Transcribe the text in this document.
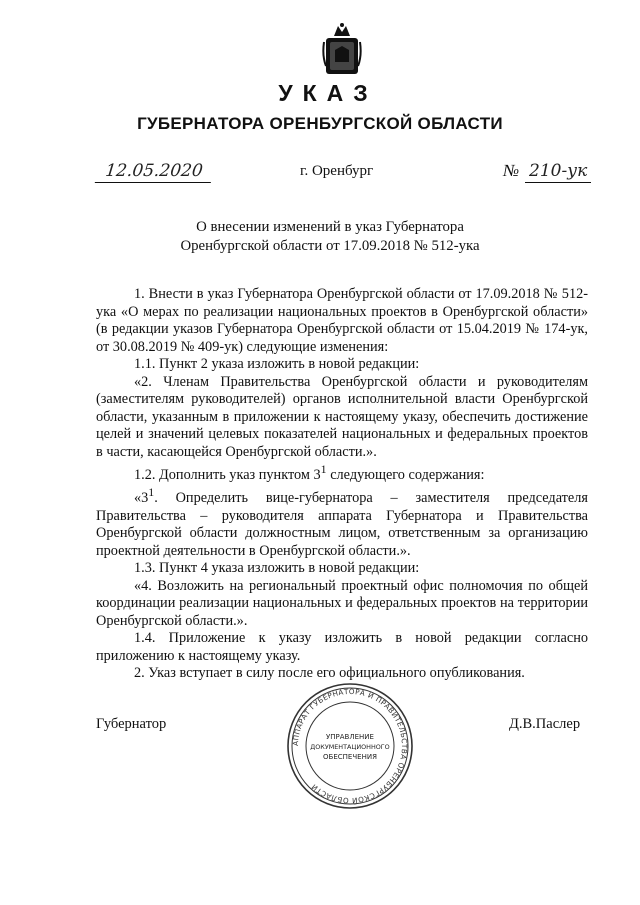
УКАЗ
ГУБЕРНАТОРА ОРЕНБУРГСКОЙ ОБЛАСТИ
12.05.2020	г. Оренбург	№ 210-ук
О внесении изменений в указ Губернатора
Оренбургской области от 17.09.2018 № 512-ука

1. Внести в указ Губернатора Оренбургской области от 17.09.2018 № 512-ука «О мерах по реализации национальных проектов в Оренбургской области» (в редакции указов Губернатора Оренбургской области от 15.04.2019 № 174-ук, от 30.08.2019 № 409-ук) следующие изменения:

1.1. Пункт 2 указа изложить в новой редакции:

«2. Членам Правительства Оренбургской области и руководителям (заместителям руководителей) органов исполнительной власти Оренбургской области, указанным в приложении к настоящему указу, обеспечить достижение целей и значений целевых показателей национальных и федеральных проектов в части, касающейся Оренбургской области.».

1.2. Дополнить указ пунктом $3^1$ следующего содержания:

«$3^1$. Определить вице-губернатора – заместителя председателя Правительства – руководителя аппарата Губернатора и Правительства Оренбургской области должностным лицом, ответственным за организацию проектной деятельности в Оренбургской области.».

1.3. Пункт 4 указа изложить в новой редакции:

«4. Возложить на региональный проектный офис полномочия по общей координации реализации национальных и федеральных проектов на территории Оренбургской области.».

1.4. Приложение к указу изложить в новой редакции согласно приложению к настоящему указу.

2. Указ вступает в силу после его официального опубликования.

Губернатор
АППАРАТ ГУБЕРНАТОРА И ПРАВИТЕЛЬСТВА ОРЕНБУРГСКОЙ ОБЛАСТИ
УПРАВЛЕНИЕ
ДОКУМЕНТАЦИОННОГО
ОБЕСПЕЧЕНИЯ
Д.В.Паслер
